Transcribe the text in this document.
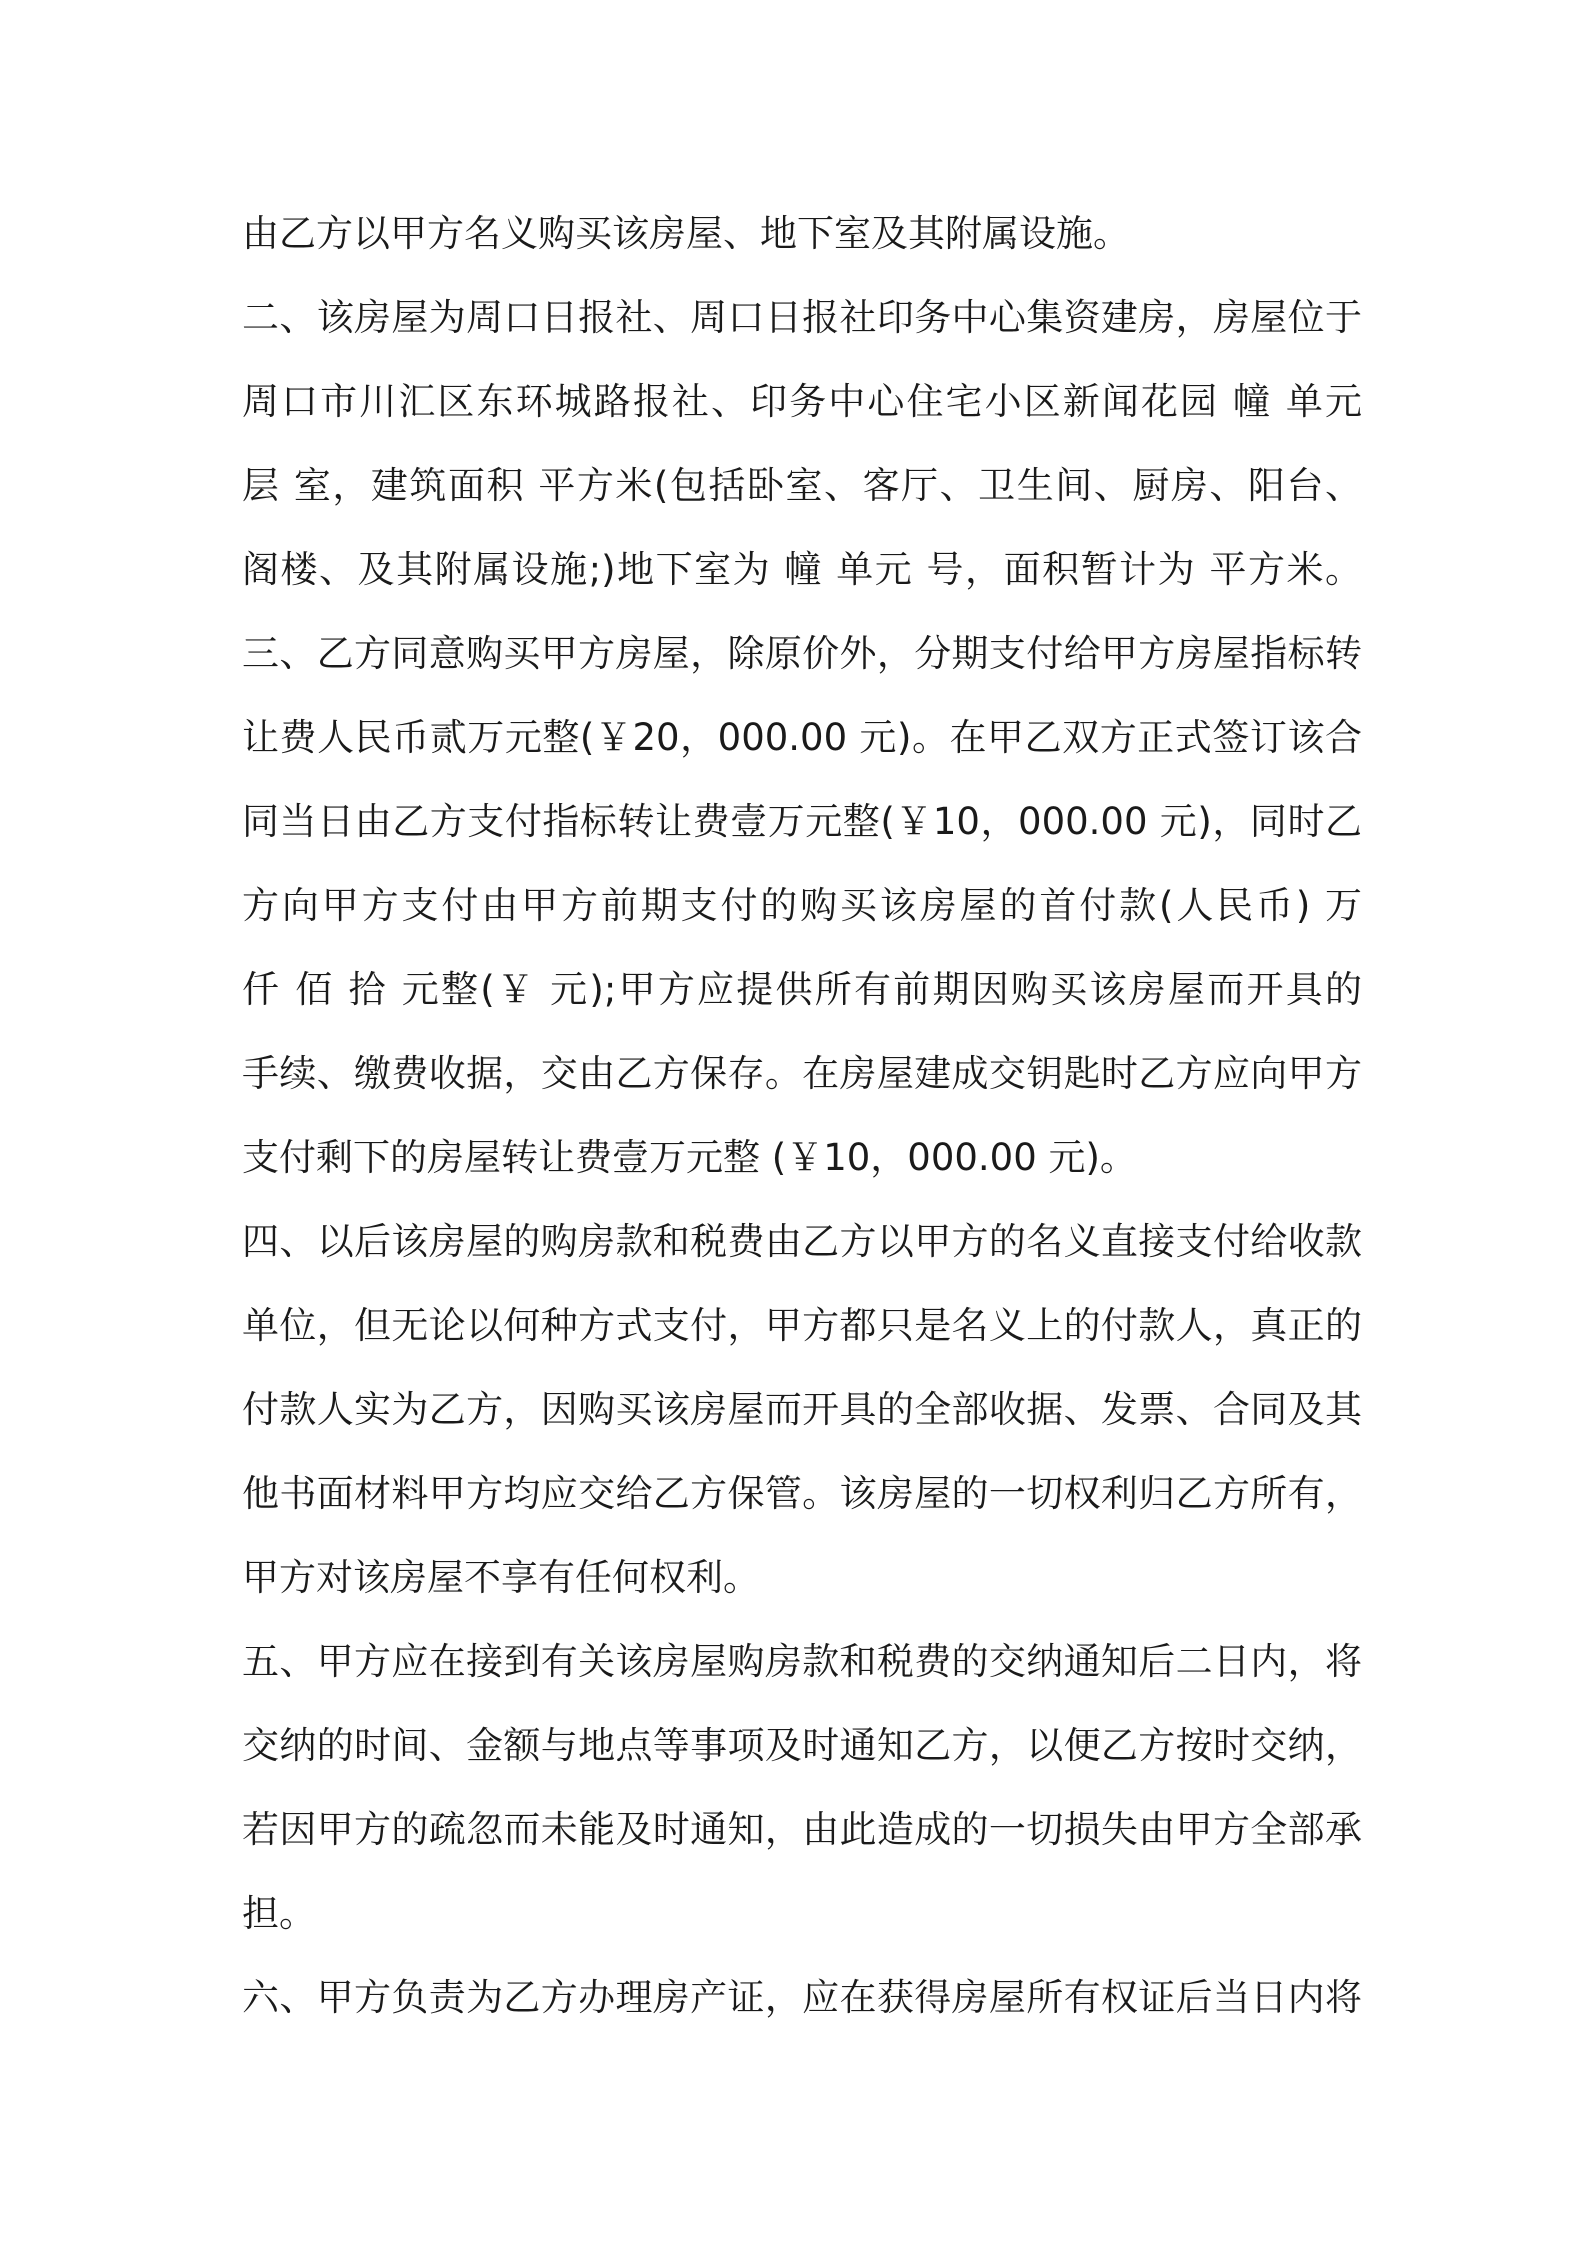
由乙方以甲方名义购买该房屋、地下室及其附属设施。
二、该房屋为周口日报社、周口日报社印务中心集资建房，房屋位于
周口市川汇区东环城路报社、印务中心住宅小区新闻花园 幢 单元
层 室，建筑面积 平方米(包括卧室、客厅、卫生间、厨房、阳台、
阁楼、及其附属设施;)地下室为 幢 单元 号，面积暂计为 平方米。
三、乙方同意购买甲方房屋，除原价外，分期支付给甲方房屋指标转
让费人民币贰万元整(￥20，000.00 元)。在甲乙双方正式签订该合
同当日由乙方支付指标转让费壹万元整(￥10，000.00 元)，同时乙
方向甲方支付由甲方前期支付的购买该房屋的首付款(人民币) 万
仟 佰 拾 元整(￥ 元);甲方应提供所有前期因购买该房屋而开具的
手续、缴费收据，交由乙方保存。在房屋建成交钥匙时乙方应向甲方
支付剩下的房屋转让费壹万元整 (￥10，000.00 元)。
四、以后该房屋的购房款和税费由乙方以甲方的名义直接支付给收款
单位，但无论以何种方式支付，甲方都只是名义上的付款人，真正的
付款人实为乙方，因购买该房屋而开具的全部收据、发票、合同及其
他书面材料甲方均应交给乙方保管。该房屋的一切权利归乙方所有，
甲方对该房屋不享有任何权利。
五、甲方应在接到有关该房屋购房款和税费的交纳通知后二日内，将
交纳的时间、金额与地点等事项及时通知乙方，以便乙方按时交纳，
若因甲方的疏忽而未能及时通知，由此造成的一切损失由甲方全部承
担。
六、甲方负责为乙方办理房产证，应在获得房屋所有权证后当日内将
